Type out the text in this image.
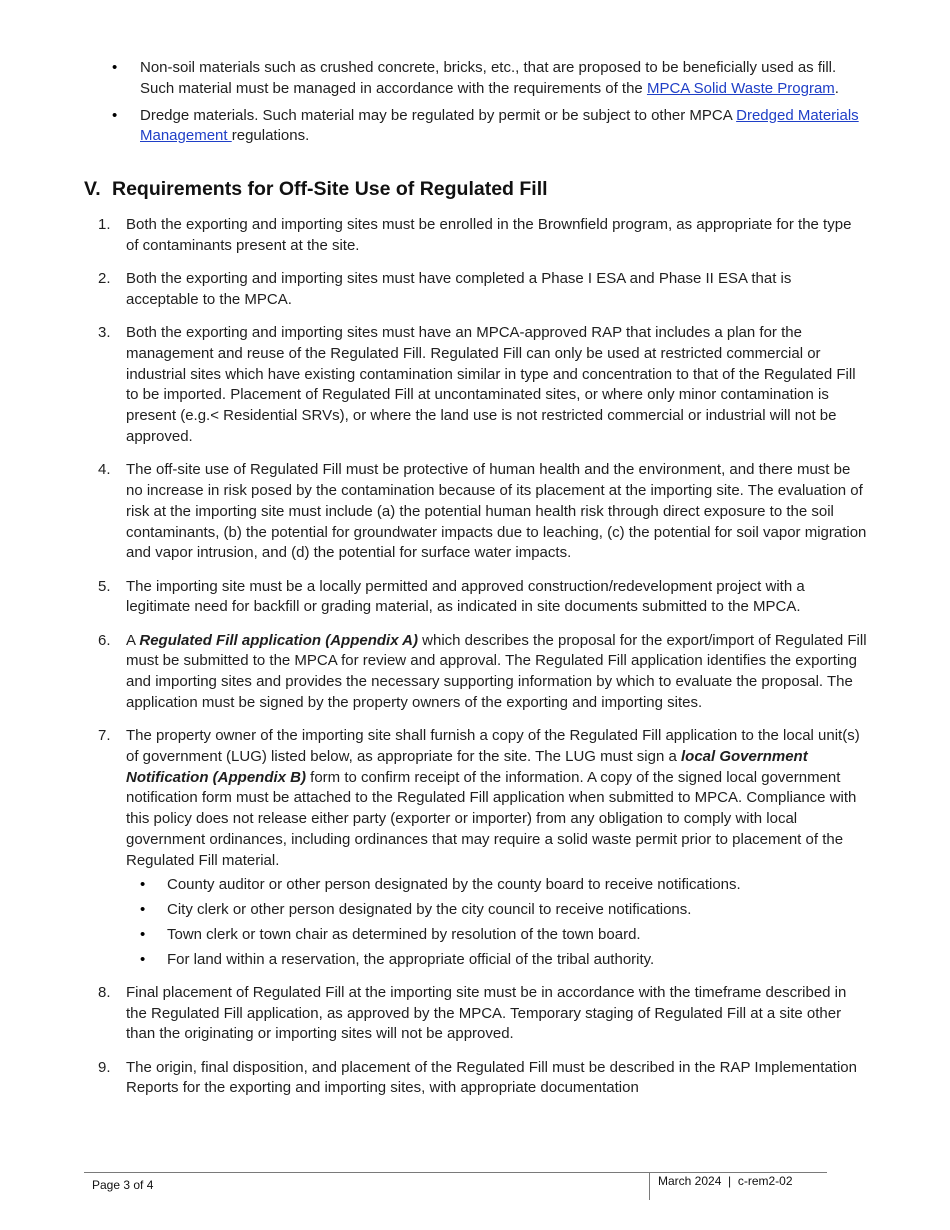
• Non-soil materials such as crushed concrete, bricks, etc., that are proposed to be beneficially used as fill. Such material must be managed in accordance with the requirements of the MPCA Solid Waste Program.
• Dredge materials. Such material may be regulated by permit or be subject to other MPCA Dredged Materials Management regulations.
V. Requirements for Off-Site Use of Regulated Fill
1. Both the exporting and importing sites must be enrolled in the Brownfield program, as appropriate for the type of contaminants present at the site.
2. Both the exporting and importing sites must have completed a Phase I ESA and Phase II ESA that is acceptable to the MPCA.
3. Both the exporting and importing sites must have an MPCA-approved RAP that includes a plan for the management and reuse of the Regulated Fill. Regulated Fill can only be used at restricted commercial or industrial sites which have existing contamination similar in type and concentration to that of the Regulated Fill to be imported. Placement of Regulated Fill at uncontaminated sites, or where only minor contamination is present (e.g.< Residential SRVs), or where the land use is not restricted commercial or industrial will not be approved.
4. The off-site use of Regulated Fill must be protective of human health and the environment, and there must be no increase in risk posed by the contamination because of its placement at the importing site. The evaluation of risk at the importing site must include (a) the potential human health risk through direct exposure to the soil contaminants, (b) the potential for groundwater impacts due to leaching, (c) the potential for soil vapor migration and vapor intrusion, and (d) the potential for surface water impacts.
5. The importing site must be a locally permitted and approved construction/redevelopment project with a legitimate need for backfill or grading material, as indicated in site documents submitted to the MPCA.
6. A Regulated Fill application (Appendix A) which describes the proposal for the export/import of Regulated Fill must be submitted to the MPCA for review and approval. The Regulated Fill application identifies the exporting and importing sites and provides the necessary supporting information by which to evaluate the proposal. The application must be signed by the property owners of the exporting and importing sites.
7. The property owner of the importing site shall furnish a copy of the Regulated Fill application to the local unit(s) of government (LUG) listed below, as appropriate for the site. The LUG must sign a local Government Notification (Appendix B) form to confirm receipt of the information. A copy of the signed local government notification form must be attached to the Regulated Fill application when submitted to MPCA. Compliance with this policy does not release either party (exporter or importer) from any obligation to comply with local government ordinances, including ordinances that may require a solid waste permit prior to placement of the Regulated Fill material.
• County auditor or other person designated by the county board to receive notifications.
• City clerk or other person designated by the city council to receive notifications.
• Town clerk or town chair as determined by resolution of the town board.
• For land within a reservation, the appropriate official of the tribal authority.
8. Final placement of Regulated Fill at the importing site must be in accordance with the timeframe described in the Regulated Fill application, as approved by the MPCA. Temporary staging of Regulated Fill at a site other than the originating or importing sites will not be approved.
9. The origin, final disposition, and placement of the Regulated Fill must be described in the RAP Implementation Reports for the exporting and importing sites, with appropriate documentation
Page 3 of 4	March 2024  |  c-rem2-02
